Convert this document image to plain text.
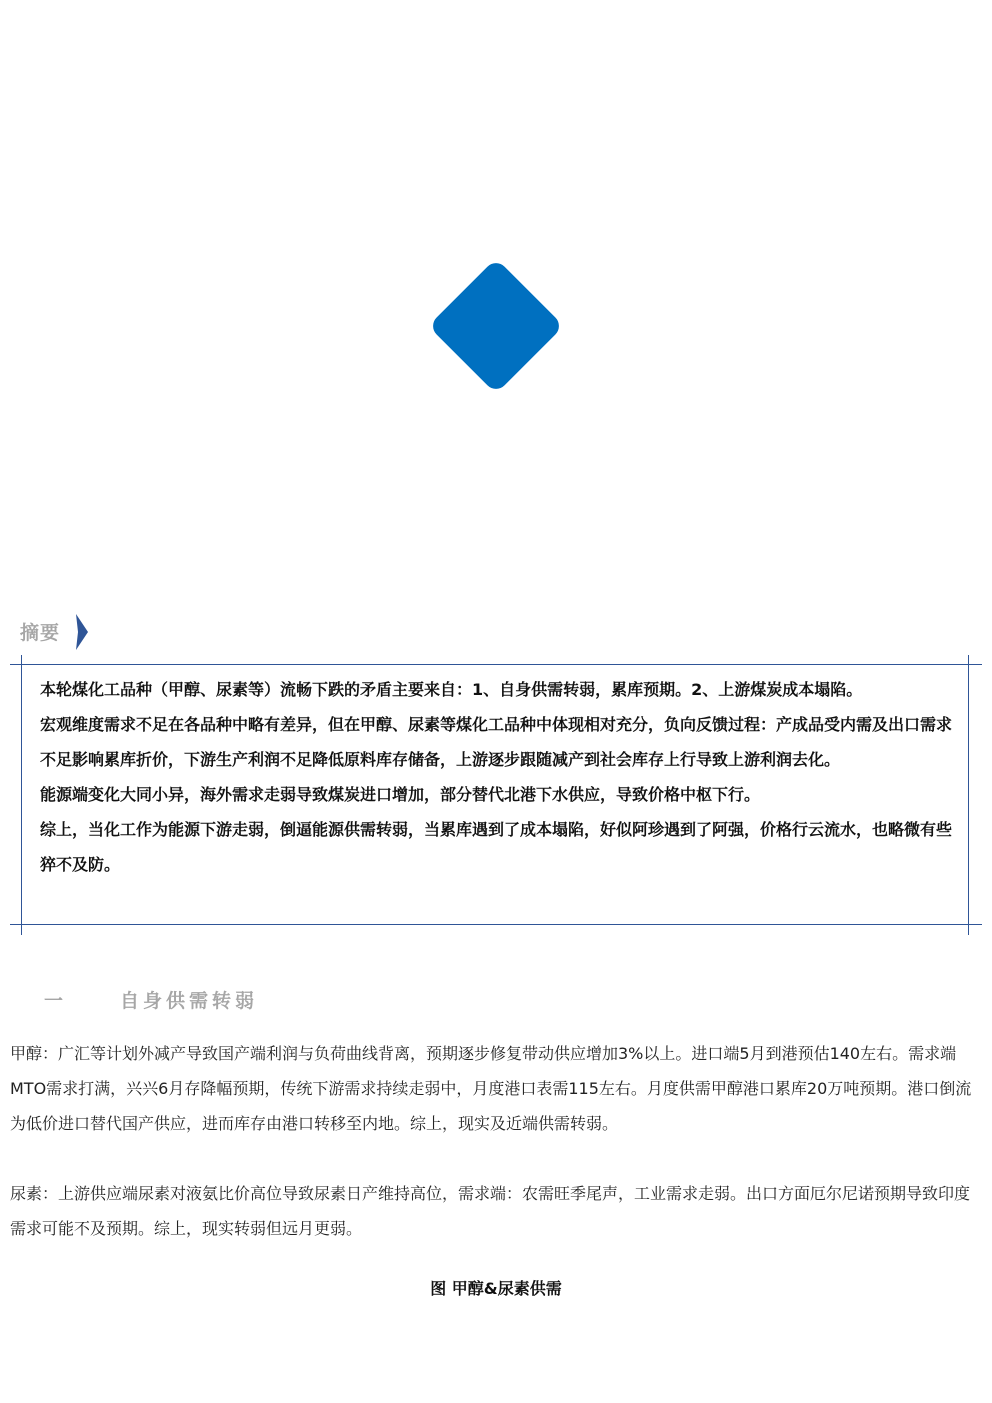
摘要

本轮煤化工品种（甲醇、尿素等）流畅下跌的矛盾主要来自：1、自身供需转弱，累库预期。2、上游煤炭成本塌陷。

宏观维度需求不足在各品种中略有差异，但在甲醇、尿素等煤化工品种中体现相对充分，负向反馈过程：产成品受内需及出口需求不足影响累库折价，下游生产利润不足降低原料库存储备，上游逐步跟随减产到社会库存上行导致上游利润去化。

能源端变化大同小异，海外需求走弱导致煤炭进口增加，部分替代北港下水供应，导致价格中枢下行。

综上，当化工作为能源下游走弱，倒逼能源供需转弱，当累库遇到了成本塌陷，好似阿珍遇到了阿强，价格行云流水，也略微有些猝不及防。

一	自身供需转弱
甲醇：广汇等计划外减产导致国产端利润与负荷曲线背离，预期逐步修复带动供应增加3%以上。进口端5月到港预估140左右。需求端MTO需求打满，兴兴6月存降幅预期，传统下游需求持续走弱中，月度港口表需115左右。月度供需甲醇港口累库20万吨预期。港口倒流为低价进口替代国产供应，进而库存由港口转移至内地。综上，现实及近端供需转弱。
尿素：上游供应端尿素对液氨比价高位导致尿素日产维持高位，需求端：农需旺季尾声，工业需求走弱。出口方面厄尔尼诺预期导致印度需求可能不及预期。综上，现实转弱但远月更弱。
图 甲醇&尿素供需
